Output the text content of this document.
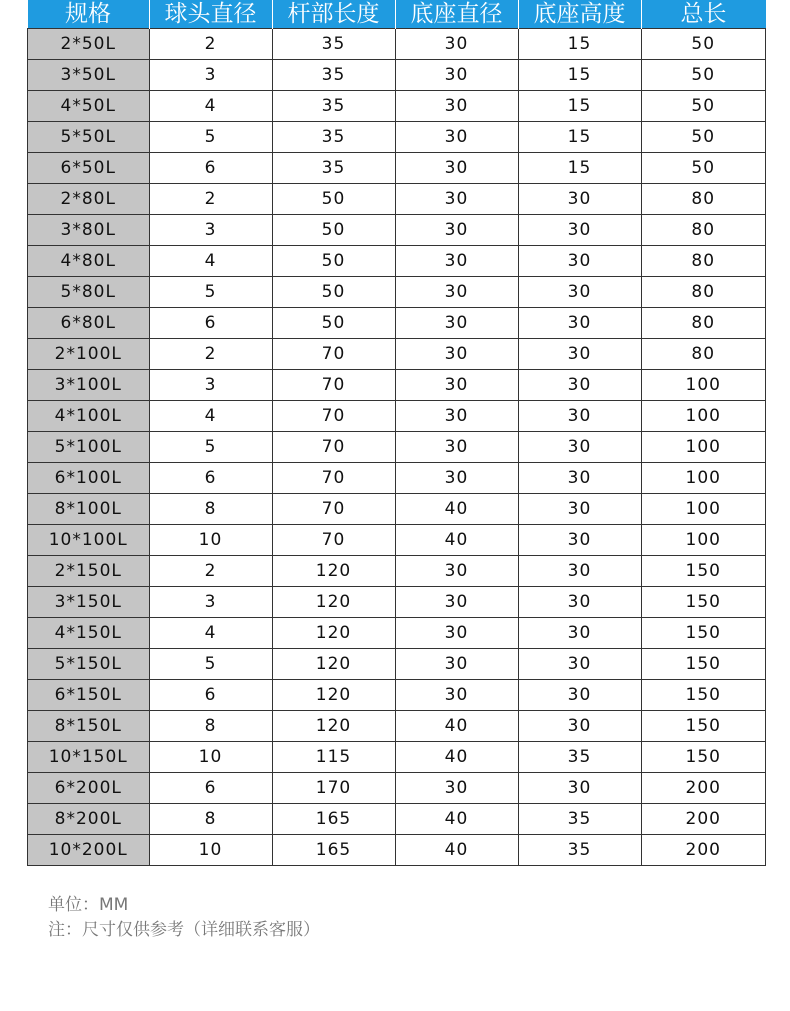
规格	球头直径	杆部长度	底座直径	底座高度	总长
2*50L	2	35	30	15	50
3*50L	3	35	30	15	50
4*50L	4	35	30	15	50
5*50L	5	35	30	15	50
6*50L	6	35	30	15	50
2*80L	2	50	30	30	80
3*80L	3	50	30	30	80
4*80L	4	50	30	30	80
5*80L	5	50	30	30	80
6*80L	6	50	30	30	80
2*100L	2	70	30	30	80
3*100L	3	70	30	30	100
4*100L	4	70	30	30	100
5*100L	5	70	30	30	100
6*100L	6	70	30	30	100
8*100L	8	70	40	30	100
10*100L	10	70	40	30	100
2*150L	2	120	30	30	150
3*150L	3	120	30	30	150
4*150L	4	120	30	30	150
5*150L	5	120	30	30	150
6*150L	6	120	30	30	150
8*150L	8	120	40	30	150
10*150L	10	115	40	35	150
6*200L	6	170	30	30	200
8*200L	8	165	40	35	200
10*200L	10	165	40	35	200
单位：MM
注：尺寸仅供参考（详细联系客服）
